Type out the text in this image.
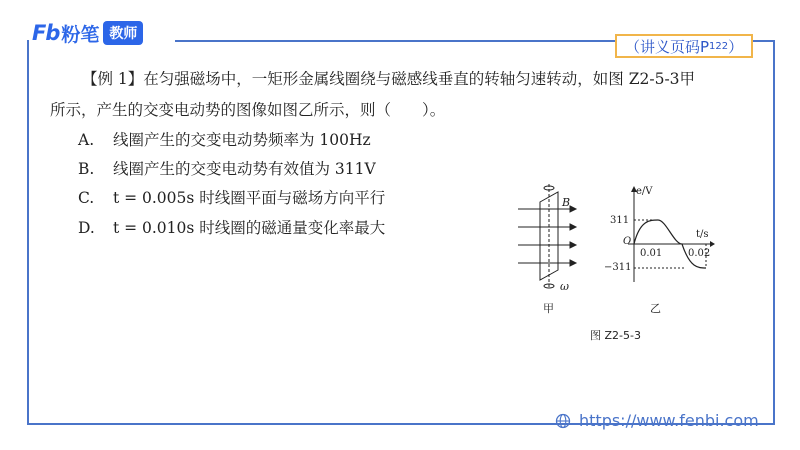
Fb 粉笔 教师
（讲义页码P 122 ）
【例 1】在匀强磁场中，一矩形金属线圈绕与磁感线垂直的转轴匀速转动，如图 Z2-5-3甲
所示，产生的交变电动势的图像如图乙所示，则（　　）。
A. 线圈产生的交变电动势频率为 100Hz
B. 线圈产生的交变电动势有效值为 311V
C. t = 0.005s 时线圈平面与磁场方向平行
D. t = 0.010s 时线圈的磁通量变化率最大
B
ω
e/V
t/s
311
−311
O
0.01	0.02
甲	乙
图 Z2-5-3
https://www.fenbi.com
